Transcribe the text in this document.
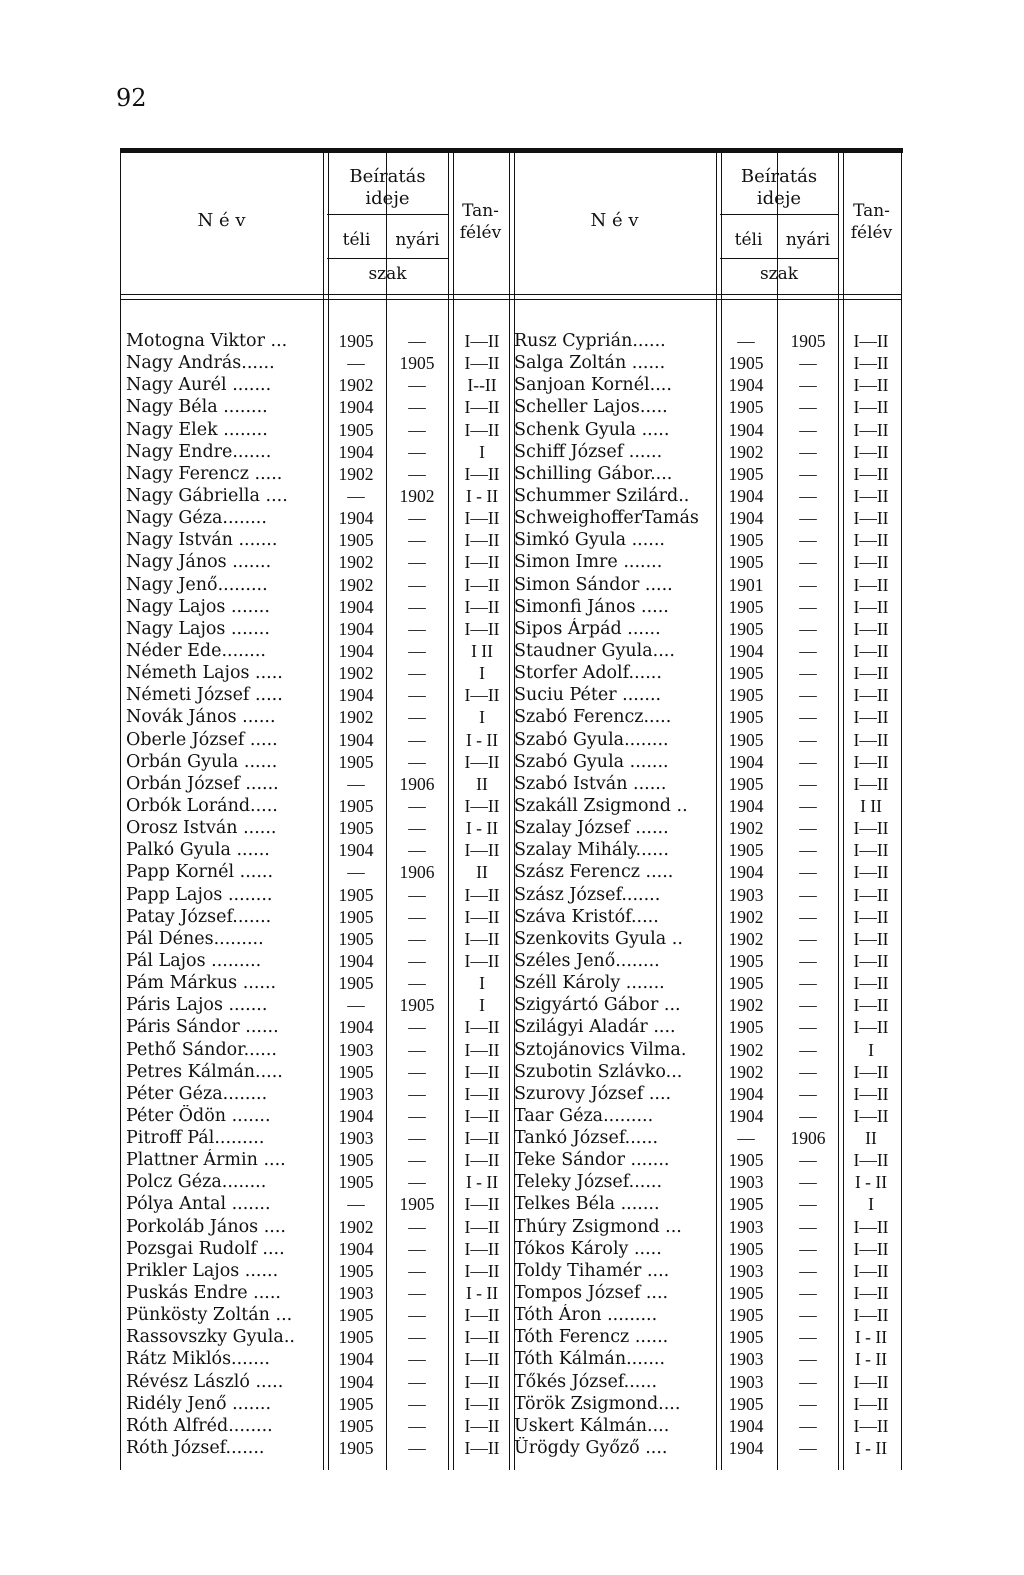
92
N é v
Beíratás ideje
téli	nyári
szak
Tan-félév
N é v
Beíratás ideje
téli	nyári
szak
Tan-félév
Motogna Viktor ...	1905	—	I—II Rusz Cyprián......	—	1905	I—II
Nagy András......	—	1905	I—II Salga Zoltán ......	1905	—	I—II
Nagy Aurél .......	1902	—	I--II Sanjoan Kornél....	1904	—	I—II
Nagy Béla ........	1904	—	I—II Scheller Lajos.....	1905	—	I—II
Nagy Elek ........	1905	—	I—II Schenk Gyula .....	1904	—	I—II
Nagy Endre.......	1904	—	I	Schiff József ......	1902	—	I—II
Nagy Ferencz .....	1902	—	I—II Schilling Gábor....	1905	—	I—II
Nagy Gábriella ....	—	1902	I - II Schummer Szilárd..	1904	—	I—II
Nagy Géza........	1904	—	I—II SchweighofferTamás	1904	—	I—II
Nagy István .......	1905	—	I—II Simkó Gyula ......	1905	—	I—II
Nagy János .......	1902	—	I—II Simon Imre .......	1905	—	I—II
Nagy Jenő.........	1902	—	I—II Simon Sándor .....	1901	—	I—II
Nagy Lajos .......	1904	—	I—II Simonfi János .....	1905	—	I—II
Nagy Lajos .......	1904	—	I—II Sipos Árpád ......	1905	—	I—II
Néder Ede........	1904	—	I II	Staudner Gyula....	1904	—	I—II
Németh Lajos .....	1902	—	I	Storfer Adolf......	1905	—	I—II
Németi József .....	1904	—	I—II Suciu Péter .......	1905	—	I—II
Novák János ......	1902	—	I	Szabó Ferencz.....	1905	—	I—II
Oberle József .....	1904	—	I - II Szabó Gyula........	1905	—	I—II
Orbán Gyula ......	1905	—	I—II Szabó Gyula .......	1904	—	I—II
Orbán József ......	—	1906	II	Szabó István ......	1905	—	I—II
Orbók Loránd.....	1905	—	I—II Szakáll Zsigmond ..	1904	—	I II
Orosz István ......	1905	—	I - II Szalay József ......	1902	—	I—II
Palkó Gyula ......	1904	—	I—II Szalay Mihály......	1905	—	I—II
Papp Kornél ......	—	1906	II	Szász Ferencz .....	1904	—	I—II
Papp Lajos ........	1905	—	I—II Szász József.......	1903	—	I—II
Patay József.......	1905	—	I—II Száva Kristóf.....	1902	—	I—II
Pál Dénes.........	1905	—	I—II Szenkovits Gyula ..	1902	—	I—II
Pál Lajos .........	1904	—	I—II Széles Jenő........	1905	—	I—II
Pám Márkus ......	1905	—	I	Széll Károly .......	1905	—	I—II
Páris Lajos .......	—	1905	I	Szigyártó Gábor ...	1902	—	I—II
Páris Sándor ......	1904	—	I—II Szilágyi Aladár ....	1905	—	I—II
Pethő Sándor......	1903	—	I—II Sztojánovics Vilma.	1902	—	I
Petres Kálmán.....	1905	—	I—II Szubotin Szlávko...	1902	—	I—II
Péter Géza........	1903	—	I—II Szurovy József ....	1904	—	I—II
Péter Ödön .......	1904	—	I—II Taar Géza.........	1904	—	I—II
Pitroff Pál.........	1903	—	I—II Tankó József......	—	1906	II
Plattner Ármin ....	1905	—	I—II Teke Sándor .......	1905	—	I—II
Polcz Géza........	1905	—	I - II Teleky József......	1903	—	I - II
Pólya Antal .......	—	1905	I—II Telkes Béla .......	1905	—	I
Porkoláb János ....	1902	—	I—II Thúry Zsigmond ...	1903	—	I—II
Pozsgai Rudolf ....	1904	—	I—II Tókos Károly .....	1905	—	I—II
Prikler Lajos ......	1905	—	I—II Toldy Tihamér ....	1903	—	I—II
Puskás Endre .....	1903	—	I - II Tompos József ....	1905	—	I—II
Pünkösty Zoltán ...	1905	—	I—II Tóth Áron .........	1905	—	I—II
Rassovszky Gyula..	1905	—	I—II Tóth Ferencz ......	1905	—	I - II
Rátz Miklós.......	1904	—	I—II Tóth Kálmán.......	1903	—	I - II
Révész László .....	1904	—	I—II Tőkés József......	1903	—	I—II
Ridély Jenő .......	1905	—	I—II Török Zsigmond....	1905	—	I—II
Róth Alfréd........	1905	—	I—II Uskert Kálmán....	1904	—	I—II
Róth József.......	1905	—	I—II Ürögdy Győző ....	1904	—	I - II
